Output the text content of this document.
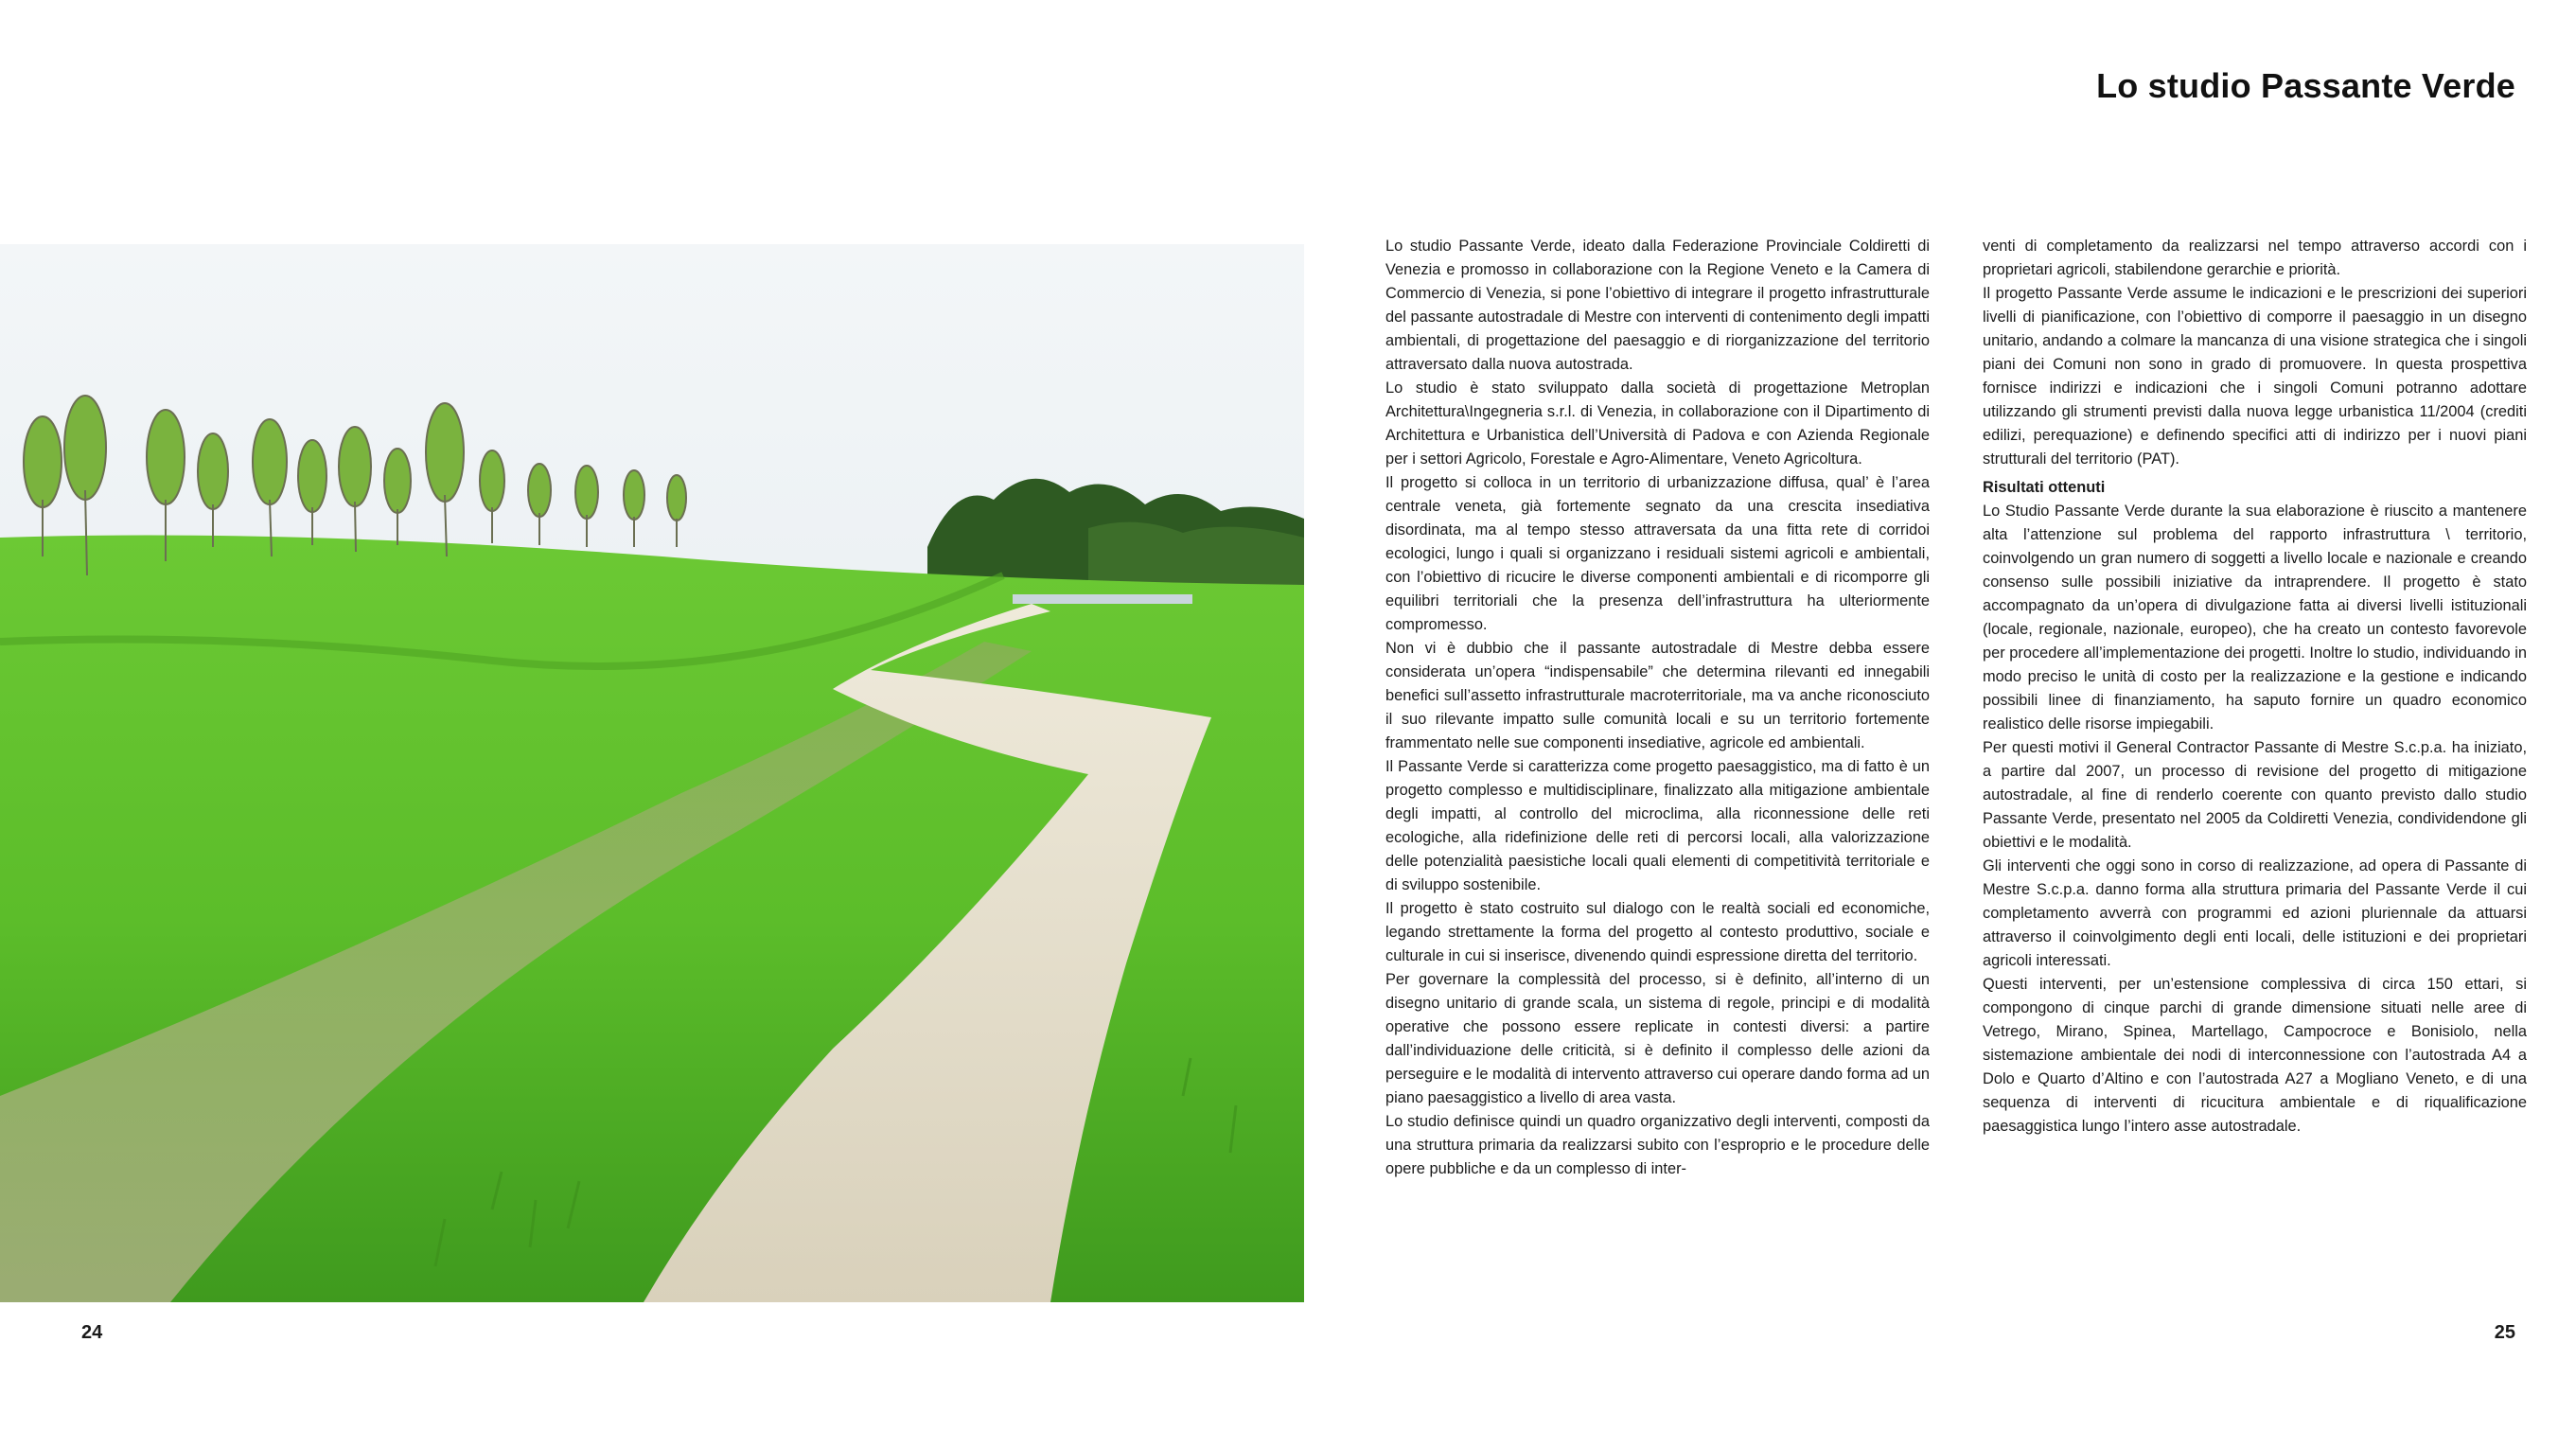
Lo studio Passante Verde

Lo studio Passante Verde, ideato dalla Federazione Provinciale Coldiretti di Venezia e promosso in collaborazione con la Regione Veneto e la Camera di Commercio di Venezia, si pone l’obiettivo di integrare il progetto infrastrutturale del passante autostradale di Mestre con interventi di contenimento degli impatti ambientali, di progettazione del paesaggio e di riorganizzazione del territorio attraversato dalla nuova autostrada.

Lo studio è stato sviluppato dalla società di progettazione Metroplan Architettura\Ingegneria s.r.l. di Venezia, in collaborazione con il Dipartimento di Architettura e Urbanistica dell’Università di Padova e con Azienda Regionale per i settori Agricolo, Forestale e Agro-Alimentare, Veneto Agricoltura.

Il progetto si colloca in un territorio di urbanizzazione diffusa, qual’ è l’area centrale veneta, già fortemente segnato da una crescita insediativa disordinata, ma al tempo stesso attraversata da una fitta rete di corridoi ecologici, lungo i quali si organizzano i residuali sistemi agricoli e ambientali, con l’obiettivo di ricucire le diverse componenti ambientali e di ricomporre gli equilibri territoriali che la presenza dell’infrastruttura ha ulteriormente compromesso.

Non vi è dubbio che il passante autostradale di Mestre debba essere considerata un’opera “indispensabile” che determina rilevanti ed innegabili benefici sull’assetto infrastrutturale macroterritoriale, ma va anche riconosciuto il suo rilevante impatto sulle comunità locali e su un territorio fortemente frammentato nelle sue componenti insediative, agricole ed ambientali.

Il Passante Verde si caratterizza come progetto paesaggistico, ma di fatto è un progetto complesso e multidisciplinare, finalizzato alla mitigazione ambientale degli impatti, al controllo del microclima, alla riconnessione delle reti ecologiche, alla ridefinizione delle reti di percorsi locali, alla valorizzazione delle potenzialità paesistiche locali quali elementi di competitività territoriale e di sviluppo sostenibile.

Il progetto è stato costruito sul dialogo con le realtà sociali ed economiche, legando strettamente la forma del progetto al contesto produttivo, sociale e culturale in cui si inserisce, divenendo quindi espressione diretta del territorio.

Per governare la complessità del processo, si è definito, all’interno di un disegno unitario di grande scala, un sistema di regole, principi e di modalità operative che possono essere replicate in contesti diversi: a partire dall’individuazione delle criticità, si è definito il complesso delle azioni da perseguire e le modalità di intervento attraverso cui operare dando forma ad un piano paesaggistico a livello di area vasta.

Lo studio definisce quindi un quadro organizzativo degli interventi, composti da una struttura primaria da realizzarsi subito con l’esproprio e le procedure delle opere pubbliche e da un complesso di inter-

venti di completamento da realizzarsi nel tempo attraverso accordi con i proprietari agricoli, stabilendone gerarchie e priorità.

Il progetto Passante Verde assume le indicazioni e le prescrizioni dei superiori livelli di pianificazione, con l’obiettivo di comporre il paesaggio in un disegno unitario, andando a colmare la mancanza di una visione strategica che i singoli piani dei Comuni non sono in grado di promuovere. In questa prospettiva fornisce indirizzi e indicazioni che i singoli Comuni potranno adottare utilizzando gli strumenti previsti dalla nuova legge urbanistica 11/2004 (crediti edilizi, perequazione) e definendo specifici atti di indirizzo per i nuovi piani strutturali del territorio (PAT).

Risultati ottenuti

Lo Studio Passante Verde durante la sua elaborazione è riuscito a mantenere alta l’attenzione sul problema del rapporto infrastruttura \ territorio, coinvolgendo un gran numero di soggetti a livello locale e nazionale e creando consenso sulle possibili iniziative da intraprendere. Il progetto è stato accompagnato da un’opera di divulgazione fatta ai diversi livelli istituzionali (locale, regionale, nazionale, europeo), che ha creato un contesto favorevole per procedere all’implementazione dei progetti. Inoltre lo studio, individuando in modo preciso le unità di costo per la realizzazione e la gestione e indicando possibili linee di finanziamento, ha saputo fornire un quadro economico realistico delle risorse impiegabili.

Per questi motivi il General Contractor Passante di Mestre S.c.p.a. ha iniziato, a partire dal 2007, un processo di revisione del progetto di mitigazione autostradale, al fine di renderlo coerente con quanto previsto dallo studio Passante Verde, presentato nel 2005 da Coldiretti Venezia, condividendone gli obiettivi e le modalità.

Gli interventi che oggi sono in corso di realizzazione, ad opera di Passante di Mestre S.c.p.a. danno forma alla struttura primaria del Passante Verde il cui completamento avverrà con programmi ed azioni pluriennale da attuarsi attraverso il coinvolgimento degli enti locali, delle istituzioni e dei proprietari agricoli interessati.

Questi interventi, per un’estensione complessiva di circa 150 ettari, si compongono di cinque parchi di grande dimensione situati nelle aree di Vetrego, Mirano, Spinea, Martellago, Campocroce e Bonisiolo, nella sistemazione ambientale dei nodi di interconnessione con l’autostrada A4 a Dolo e Quarto d’Altino e con l’autostrada A27 a Mogliano Veneto, e di una sequenza di interventi di ricucitura ambientale e di riqualificazione paesaggistica lungo l’intero asse autostradale.

24	25
